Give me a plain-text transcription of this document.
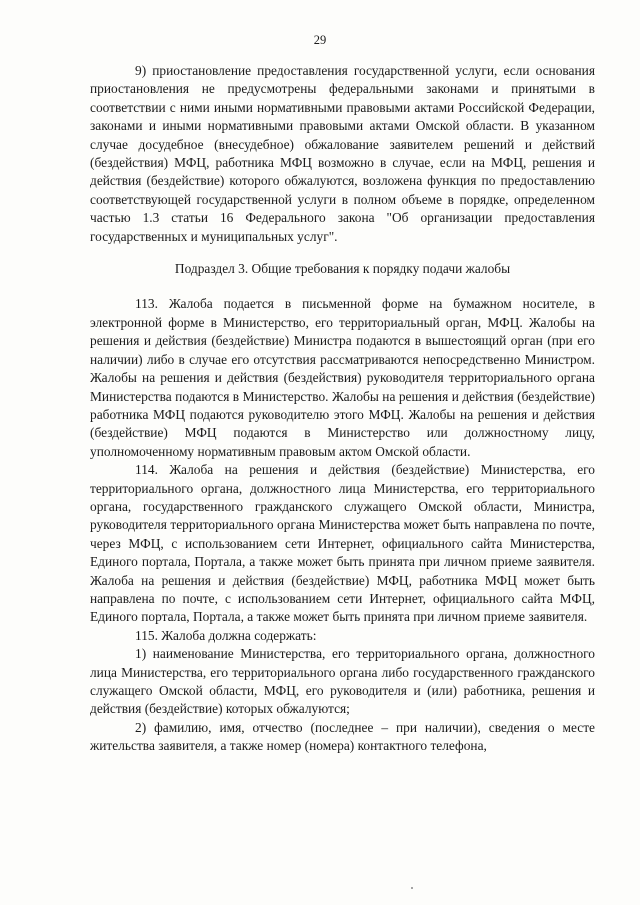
29

9) приостановление предоставления государственной услуги, если основания приостановления не предусмотрены федеральными законами и принятыми в соответствии с ними иными нормативными правовыми актами Российской Федерации, законами и иными нормативными правовыми актами Омской области. В указанном случае досудебное (внесудебное) обжалование заявителем решений и действий (бездействия) МФЦ, работника МФЦ возможно в случае, если на МФЦ, решения и действия (бездействие) которого обжалуются, возложена функция по предоставлению соответствующей государственной услуги в полном объеме в порядке, определенном частью 1.3 статьи 16 Федерального закона "Об организации предоставления государственных и муниципальных услуг".

Подраздел 3. Общие требования к порядку подачи жалобы

113. Жалоба подается в письменной форме на бумажном носителе, в электронной форме в Министерство, его территориальный орган, МФЦ. Жалобы на решения и действия (бездействие) Министра подаются в вышестоящий орган (при его наличии) либо в случае его отсутствия рассматриваются непосредственно Министром. Жалобы на решения и действия (бездействия) руководителя территориального органа Министерства подаются в Министерство. Жалобы на решения и действия (бездействие) работника МФЦ подаются руководителю этого МФЦ. Жалобы на решения и действия (бездействие) МФЦ подаются в Министерство или должностному лицу, уполномоченному нормативным правовым актом Омской области.

114. Жалоба на решения и действия (бездействие) Министерства, его территориального органа, должностного лица Министерства, его территориального органа, государственного гражданского служащего Омской области, Министра, руководителя территориального органа Министерства может быть направлена по почте, через МФЦ, с использованием сети Интернет, официального сайта Министерства, Единого портала, Портала, а также может быть принята при личном приеме заявителя. Жалоба на решения и действия (бездействие) МФЦ, работника МФЦ может быть направлена по почте, с использованием сети Интернет, официального сайта МФЦ, Единого портала, Портала, а также может быть принята при личном приеме заявителя.

115. Жалоба должна содержать:

1) наименование Министерства, его территориального органа, должностного лица Министерства, его территориального органа либо государственного гражданского служащего Омской области, МФЦ, его руководителя и (или) работника, решения и действия (бездействие) которых обжалуются;

2) фамилию, имя, отчество (последнее – при наличии), сведения о месте жительства заявителя, а также номер (номера) контактного телефона,
